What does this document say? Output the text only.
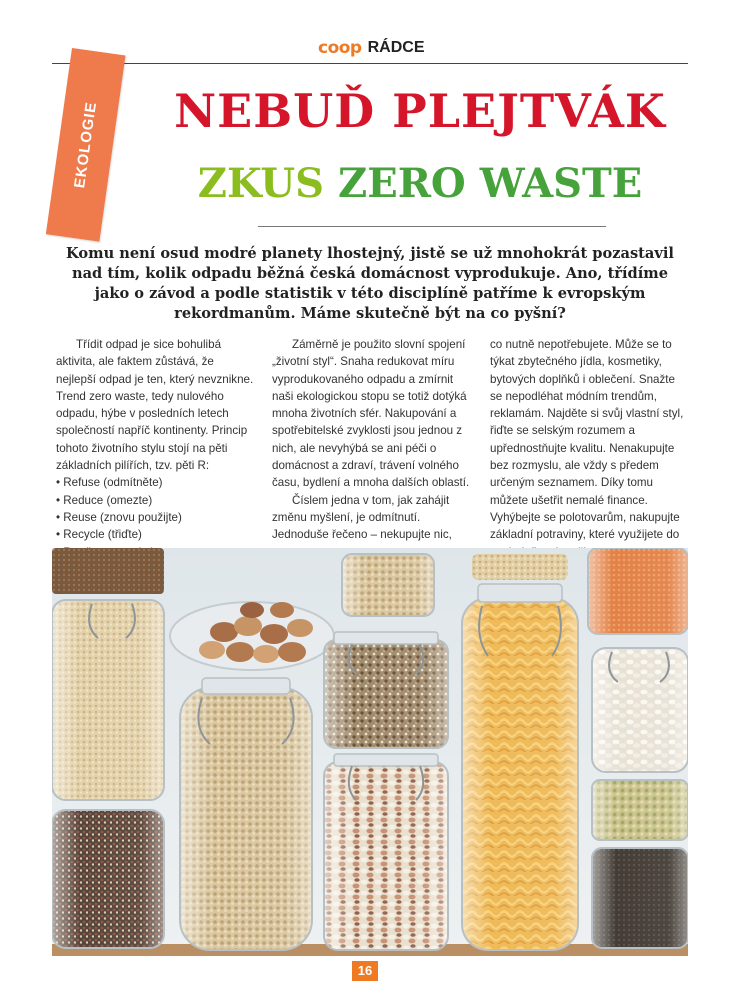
coop RÁDCE
EKOLOGIE	NEBUĎ PLEJTVÁK
ZKUS ZERO WASTE
Komu není osud modré planety lhostejný, jistě se už mnohokrát pozastavil nad tím, kolik odpadu běžná česká domácnost vyprodukuje. Ano, třídíme jako o závod a podle statistik v této disciplíně patříme k evropským rekordmanům. Máme skutečně být na co pyšní?

Třídit odpad je sice bohulibá aktivita, ale faktem zůstává, že nejlepší odpad je ten, který nevznikne. Trend zero waste, tedy nulového odpadu, hýbe v posledních letech společností napříč kontinenty. Princip tohoto životního stylu stojí na pěti základních pilířích, tzv. pěti R:

• Refuse (odmítněte)
• Reduce (omezte)
• Reuse (znovu použijte)
• Recycle (třiďte)
•

Záměrně je použito slovní spojení „životní styl“. Snaha redukovat míru vyprodukovaného odpadu a zmírnit naši ekologickou stopu se totiž dotýká mnoha životních sfér. Nakupování a spotřebitelské zvyklosti jsou jednou z nich, ale nevyhýbá se ani péči o domácnost a zdraví, trávení volného času, bydlení a mnoha dalších oblastí.

Číslem jedna v tom, jak zahájit změnu myšlení, je odmítnutí. Jednoduše řečeno – nekupujte nic,

co nutně nepotřebujete. Může se to týkat zbytečného jídla, kosmetiky, bytových doplňků i oblečení. Snažte se nepodléhat módním trendům, reklamám. Najděte si svůj vlastní styl, řiďte se selským rozumem a upřednostňujte kvalitu. Nenakupujte bez rozmyslu, ale vždy s předem určeným seznamem. Díky tomu můžete ušetřit nemalé finance. Vyhýbejte se polotovarům, nakupujte základní potraviny, které využijete do

16
